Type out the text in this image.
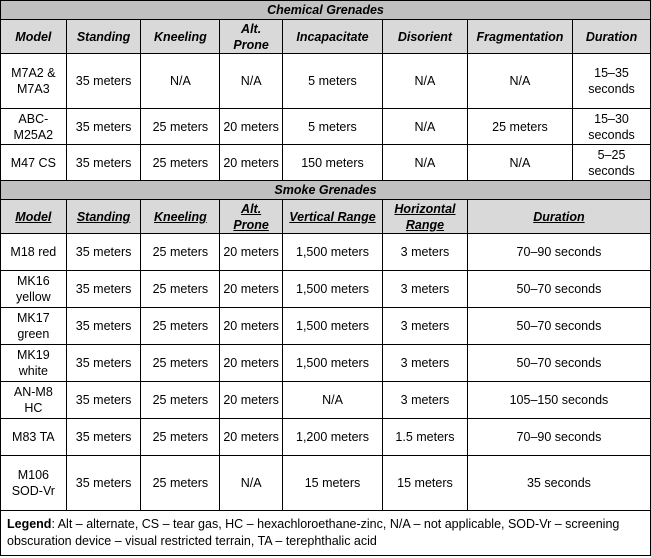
Chemical Grenades							
Model	Standing	Kneeling	Alt. Prone	Incapacitate	Disorient	Fragmentation	Duration
M7A2 & M7A3	35 meters	N/A	N/A	5 meters	N/A	N/A	15–35 seconds
ABC-M25A2	35 meters	25 meters	20 meters	5 meters	N/A	25 meters	15–30 seconds
M47 CS	35 meters	25 meters	20 meters	150 meters	N/A	N/A	5–25 seconds
Smoke Grenades							
Model	Standing	Kneeling	Alt. Prone	Vertical Range	Horizontal Range	Duration	
M18 red	35 meters	25 meters	20 meters	1,500 meters	3 meters	70–90 seconds	
MK16 yellow	35 meters	25 meters	20 meters	1,500 meters	3 meters	50–70 seconds	
MK17 green	35 meters	25 meters	20 meters	1,500 meters	3 meters	50–70 seconds	
MK19 white	35 meters	25 meters	20 meters	1,500 meters	3 meters	50–70 seconds	
AN-M8 HC	35 meters	25 meters	20 meters	N/A	3 meters	105–150 seconds	
M83 TA	35 meters	25 meters	20 meters	1,200 meters	1.5 meters	70–90 seconds	
M106 SOD-Vr	35 meters	25 meters	N/A	15 meters	15 meters	35 seconds	
Legend: Alt – alternate, CS – tear gas, HC – hexachloroethane-zinc, N/A – not applicable, SOD-Vr – screening obscuration device – visual restricted terrain, TA – terephthalic acid							
